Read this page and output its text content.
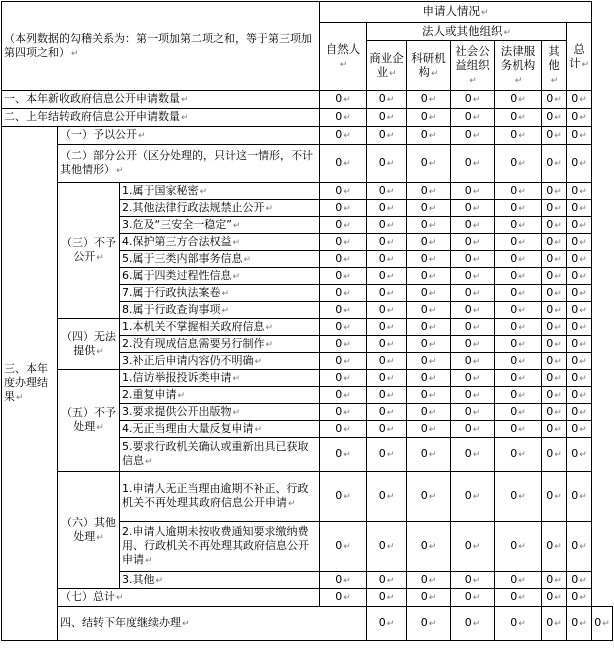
（本列数据的勾稽关系为：第一项加第二项之和，等于第三项加第四项之和） ↵			申请人情况 ↵
			自然人 ↵	法人或其他组织 ↵					总计 ↵
				商业企业 ↵	科研机构 ↵	社会公益组织 ↵	法律服务机构 ↵	其他 ↵
一、本年新收政府信息公开申请数量 ↵			0 ↵	0 ↵	0 ↵	0 ↵	0 ↵	0 ↵	0 ↵
二、上年结转政府信息公开申请数量 ↵			0 ↵	0 ↵	0 ↵	0 ↵	0 ↵	0 ↵	0 ↵
三、本年度办理结果 ↵	（一）予以公开 ↵		0 ↵	0 ↵	0 ↵	0 ↵	0 ↵	0 ↵	0 ↵
	（二）部分公开（区分处理的，只计这一情形，不计其他情形） ↵		0 ↵	0 ↵	0 ↵	0 ↵	0 ↵	0 ↵	0 ↵
	（三）不予公开 ↵	1.属于国家秘密 ↵	0 ↵	0 ↵	0 ↵	0 ↵	0 ↵	0 ↵	0 ↵
		2.其他法律行政法规禁止公开 ↵	0 ↵	0 ↵	0 ↵	0 ↵	0 ↵	0 ↵	0 ↵
		3.危及“三安全一稳定” ↵	0 ↵	0 ↵	0 ↵	0 ↵	0 ↵	0 ↵	0 ↵
		4.保护第三方合法权益 ↵	0 ↵	0 ↵	0 ↵	0 ↵	0 ↵	0 ↵	0 ↵
		5.属于三类内部事务信息 ↵	0 ↵	0 ↵	0 ↵	0 ↵	0 ↵	0 ↵	0 ↵
		6.属于四类过程性信息 ↵	0 ↵	0 ↵	0 ↵	0 ↵	0 ↵	0 ↵	0 ↵
		7.属于行政执法案卷 ↵	0 ↵	0 ↵	0 ↵	0 ↵	0 ↵	0 ↵	0 ↵
		8.属于行政查询事项 ↵	0 ↵	0 ↵	0 ↵	0 ↵	0 ↵	0 ↵	0 ↵
	（四）无法提供 ↵	1.本机关不掌握相关政府信息 ↵	0 ↵	0 ↵	0 ↵	0 ↵	0 ↵	0 ↵	0 ↵
		2.没有现成信息需要另行制作 ↵	0 ↵	0 ↵	0 ↵	0 ↵	0 ↵	0 ↵	0 ↵
		3.补正后申请内容仍不明确 ↵	0 ↵	0 ↵	0 ↵	0 ↵	0 ↵	0 ↵	0 ↵
	（五）不予处理 ↵	1.信访举报投诉类申请 ↵	0 ↵	0 ↵	0 ↵	0 ↵	0 ↵	0 ↵	0 ↵
		2.重复申请 ↵	0 ↵	0 ↵	0 ↵	0 ↵	0 ↵	0 ↵	0 ↵
		3.要求提供公开出版物 ↵	0 ↵	0 ↵	0 ↵	0 ↵	0 ↵	0 ↵	0 ↵
		4.无正当理由大量反复申请 ↵	0 ↵	0 ↵	0 ↵	0 ↵	0 ↵	0 ↵	0 ↵
		5.要求行政机关确认或重新出具已获取信息 ↵	0 ↵	0 ↵	0 ↵	0 ↵	0 ↵	0 ↵	0 ↵
	（六）其他处理 ↵	1.申请人无正当理由逾期不补正、行政机关不再处理其政府信息公开申请 ↵	0 ↵	0 ↵	0 ↵	0 ↵	0 ↵	0 ↵	0 ↵
		2.申请人逾期未按收费通知要求缴纳费用、行政机关不再处理其政府信息公开申请 ↵	0 ↵	0 ↵	0 ↵	0 ↵	0 ↵	0 ↵	0 ↵
		3.其他 ↵	0 ↵	0 ↵	0 ↵	0 ↵	0 ↵	0 ↵	0 ↵
	（七）总计 ↵		0 ↵	0 ↵	0 ↵	0 ↵	0 ↵	0 ↵	0 ↵
	四、结转下年度继续办理 ↵			0 ↵	0 ↵	0 ↵	0 ↵	0 ↵	0 ↵	0 ↵
